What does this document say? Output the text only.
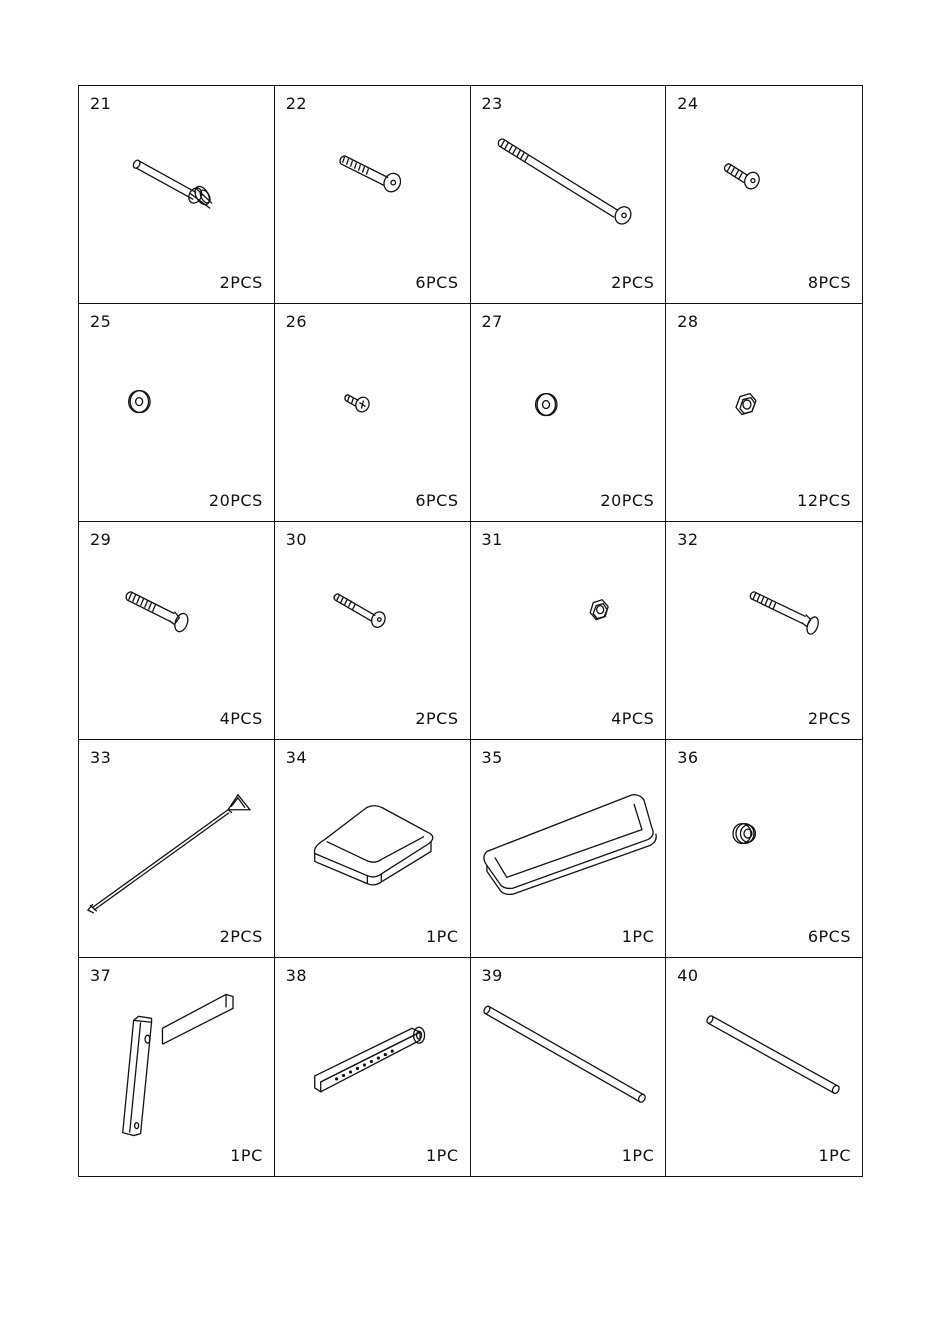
21
2PCS
22
6PCS
23
2PCS
24
8PCS
25
20PCS
26
6PCS
27
20PCS
28
12PCS
29
4PCS
30
2PCS
31
4PCS
32
2PCS
33
2PCS
34
1PC
35
1PC
36
6PCS
37
1PC
38
1PC
39
1PC
40
1PC
